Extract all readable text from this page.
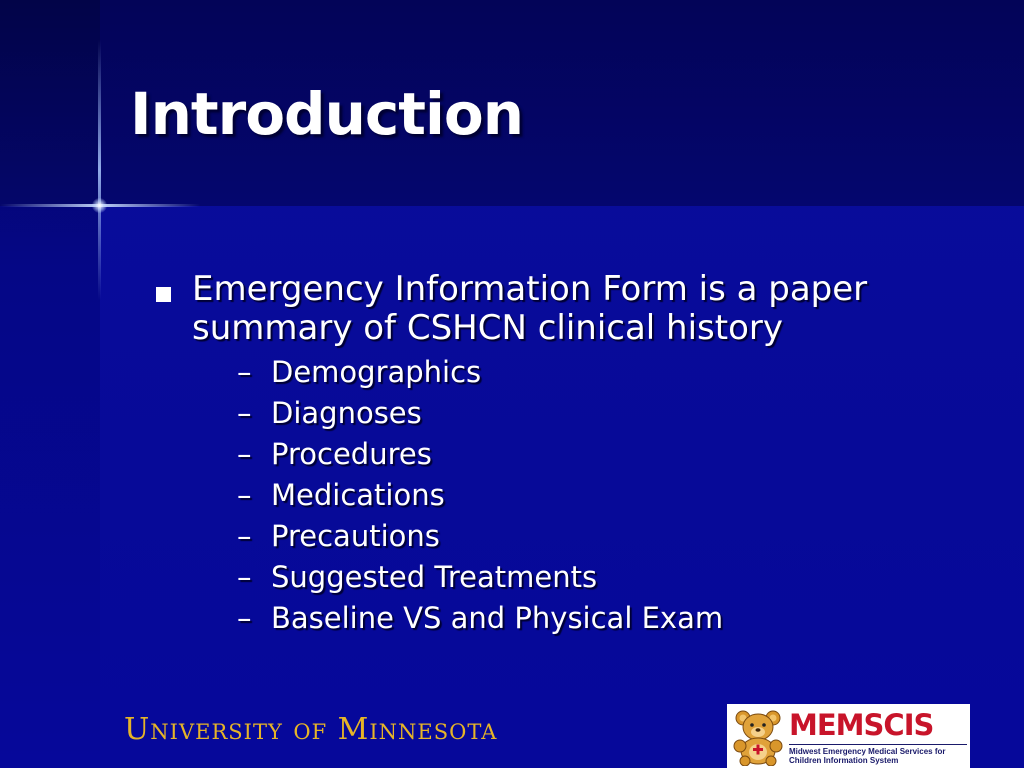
Introduction
Emergency Information Form is a paper summary of CSHCN clinical history
– Demographics
– Diagnoses
– Procedures
– Medications
– Precautions
– Suggested Treatments
– Baseline VS and Physical Exam
University of Minnesota	MEMSCIS
Midwest Emergency Medical Services for Children Information System
